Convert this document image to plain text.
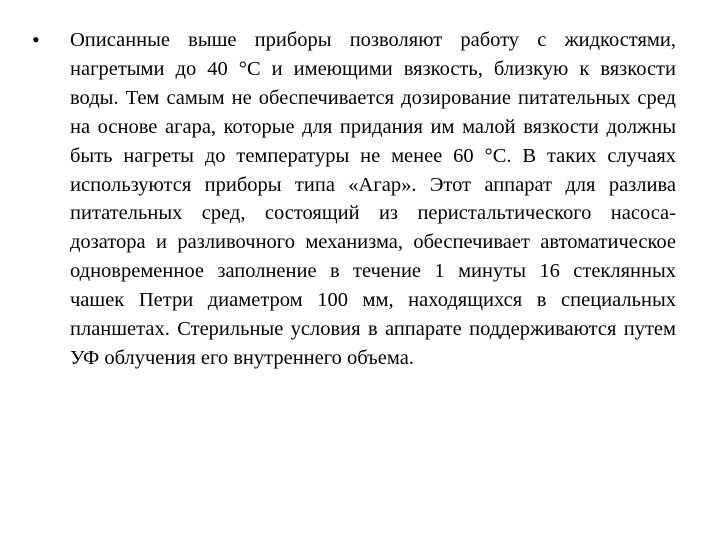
•	Описанные выше приборы позволяют работу с жидкостями, нагретыми до 40 °С и имеющими вязкость, близкую к вязкости воды. Тем самым не обеспечивается дозирование питательных сред на основе агара, которые для придания им малой вязкости должны быть нагреты до температуры не менее 60 °С. В таких случаях используются приборы типа «Агар». Этот аппарат для разлива питательных сред, состоящий из перистальтического насоса-дозатора и разливочного механизма, обеспечивает автоматическое одновременное заполнение в течение 1 минуты 16 стеклянных чашек Петри диаметром 100 мм, находящихся в специальных планшетах. Стерильные условия в аппарате поддерживаются путем УФ облучения его внутреннего объема.
